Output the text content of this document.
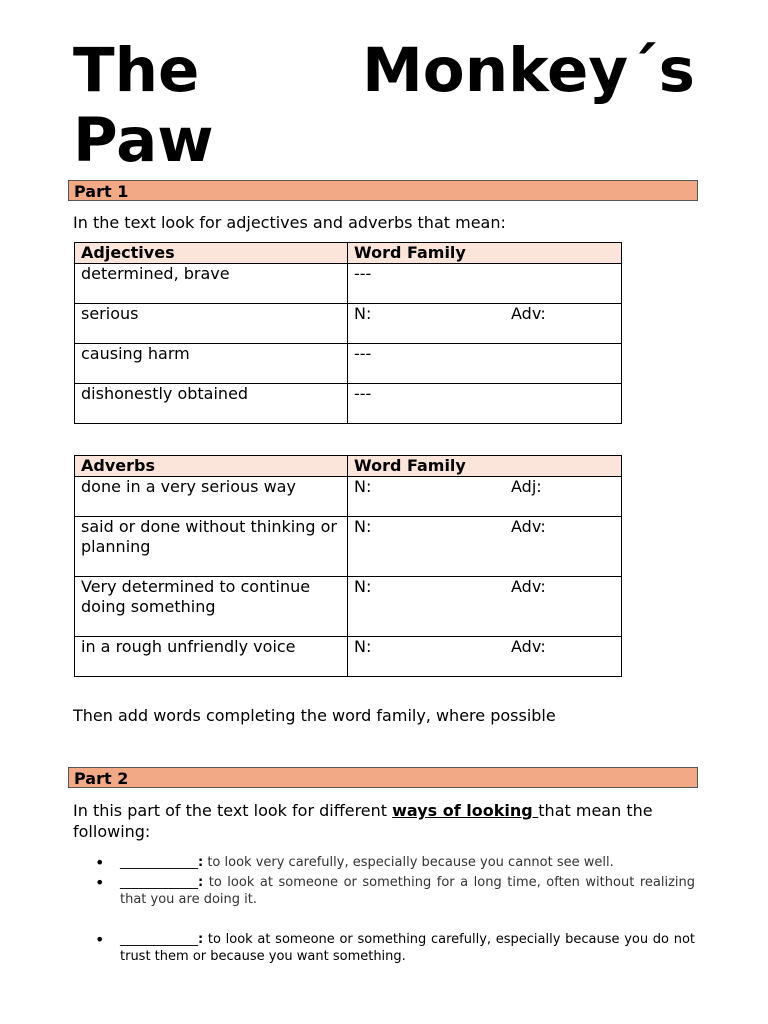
The	Monkey´s
Paw
Part 1
In the text look for adjectives and adverbs that mean:
Adjectives	Word Family
determined, brave	---
serious	N: Adv:

causing harm	---
dishonestly obtained	---
Adverbs	Word Family
done in a very serious way	N: Adj:

said or done without thinking or planning	N: Adv:

Very determined to continue doing something	N: Adv:

in a rough unfriendly voice	N: Adv:
Then add words completing the word family, where possible
Part 2
In this part of the text look for different ways of looking that mean the following:
•	____________: to look very carefully, especially because you cannot see well.
•	____________: to look at someone or something for a long time, often without realizing that you are doing it.
•	____________: to look at someone or something carefully, especially because you do not trust them or because you want something.
